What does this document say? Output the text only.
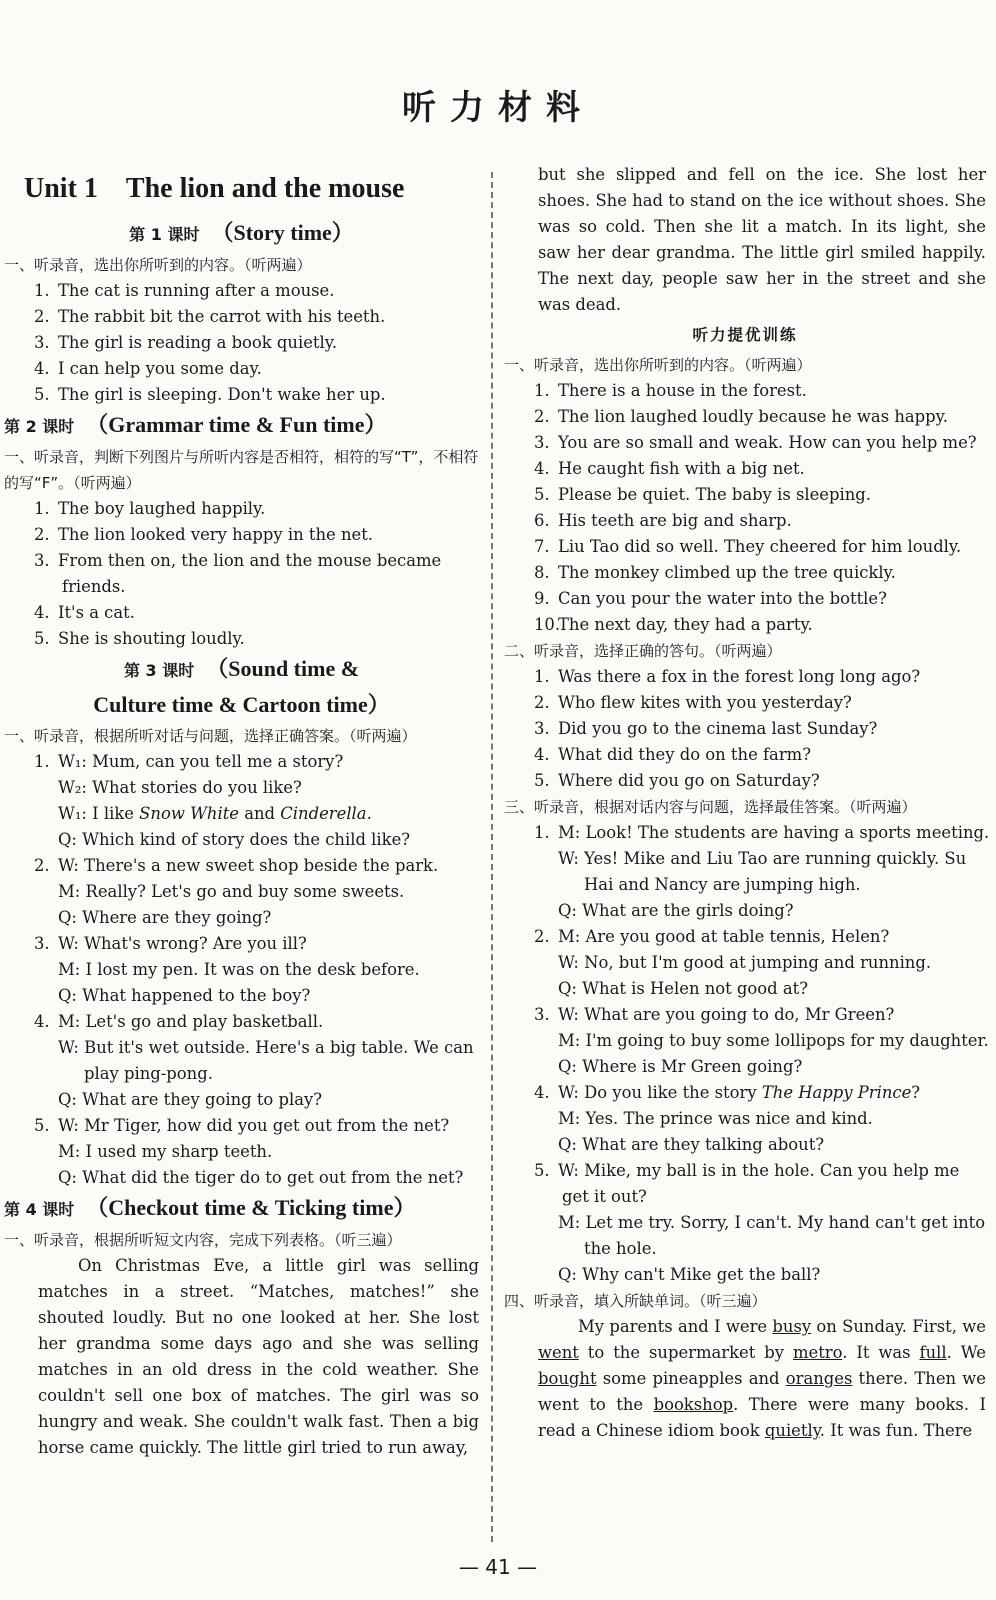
听力材料
Unit 1　The lion and the mouse
第 1 课时 （Story time）
一、听录音，选出你所听到的内容。（听两遍）
1. The cat is running after a mouse.
2. The rabbit bit the carrot with his teeth.
3. The girl is reading a book quietly.
4. I can help you some day.
5. The girl is sleeping. Don't wake her up.
第 2 课时 （Grammar time & Fun time）
一、听录音，判断下列图片与所听内容是否相符，相符的写“T”，不相符的写“F”。（听两遍）
1. The boy laughed happily.
2. The lion looked very happy in the net.
3. From then on, the lion and the mouse became friends.
4. It's a cat.
5. She is shouting loudly.
第 3 课时 （Sound time &
Culture time & Cartoon time）
一、听录音，根据所听对话与问题，选择正确答案。（听两遍）
1. W₁: Mum, can you tell me a story?
W₂: What stories do you like?
W₁: I like Snow White and Cinderella.
Q: Which kind of story does the child like?
2. W: There's a new sweet shop beside the park.
M: Really? Let's go and buy some sweets.
Q: Where are they going?
3. W: What's wrong? Are you ill?
M: I lost my pen. It was on the desk before.
Q: What happened to the boy?
4. M: Let's go and play basketball.
W: But it's wet outside. Here's a big table. We can play ping-pong.
Q: What are they going to play?
5. W: Mr Tiger, how did you get out from the net?
M: I used my sharp teeth.
Q: What did the tiger do to get out from the net?
第 4 课时 （Checkout time & Ticking time）
一、听录音，根据所听短文内容，完成下列表格。（听三遍）
On Christmas Eve, a little girl was selling matches in a street. “Matches, matches!” she shouted loudly. But no one looked at her. She lost her grandma some days ago and she was selling matches in an old dress in the cold weather. She couldn't sell one box of matches. The girl was so hungry and weak. She couldn't walk fast. Then a big horse came quickly. The little girl tried to run away,
but she slipped and fell on the ice. She lost her shoes. She had to stand on the ice without shoes. She was so cold. Then she lit a match. In its light, she saw her dear grandma. The little girl smiled happily. The next day, people saw her in the street and she was dead.
听力提优训练
一、听录音，选出你所听到的内容。（听两遍）
1. There is a house in the forest.
2. The lion laughed loudly because he was happy.
3. You are so small and weak. How can you help me?
4. He caught fish with a big net.
5. Please be quiet. The baby is sleeping.
6. His teeth are big and sharp.
7. Liu Tao did so well. They cheered for him loudly.
8. The monkey climbed up the tree quickly.
9. Can you pour the water into the bottle?
10.The next day, they had a party.
二、听录音，选择正确的答句。（听两遍）
1. Was there a fox in the forest long long ago?
2. Who flew kites with you yesterday?
3. Did you go to the cinema last Sunday?
4. What did they do on the farm?
5. Where did you go on Saturday?
三、听录音，根据对话内容与问题，选择最佳答案。（听两遍）
1. M: Look! The students are having a sports meeting.
W: Yes! Mike and Liu Tao are running quickly. Su Hai and Nancy are jumping high.
Q: What are the girls doing?
2. M: Are you good at table tennis, Helen?
W: No, but I'm good at jumping and running.
Q: What is Helen not good at?
3. W: What are you going to do, Mr Green?
M: I'm going to buy some lollipops for my daughter.
Q: Where is Mr Green going?
4. W: Do you like the story The Happy Prince?
M: Yes. The prince was nice and kind.
Q: What are they talking about?
5. W: Mike, my ball is in the hole. Can you help me get it out?
M: Let me try. Sorry, I can't. My hand can't get into the hole.
Q: Why can't Mike get the ball?
四、听录音，填入所缺单词。（听三遍）
My parents and I were busy on Sunday. First, we went to the supermarket by metro. It was full. We bought some pineapples and oranges there. Then we went to the bookshop. There were many books. I read a Chinese idiom book quietly. It was fun. There
— 41 —
